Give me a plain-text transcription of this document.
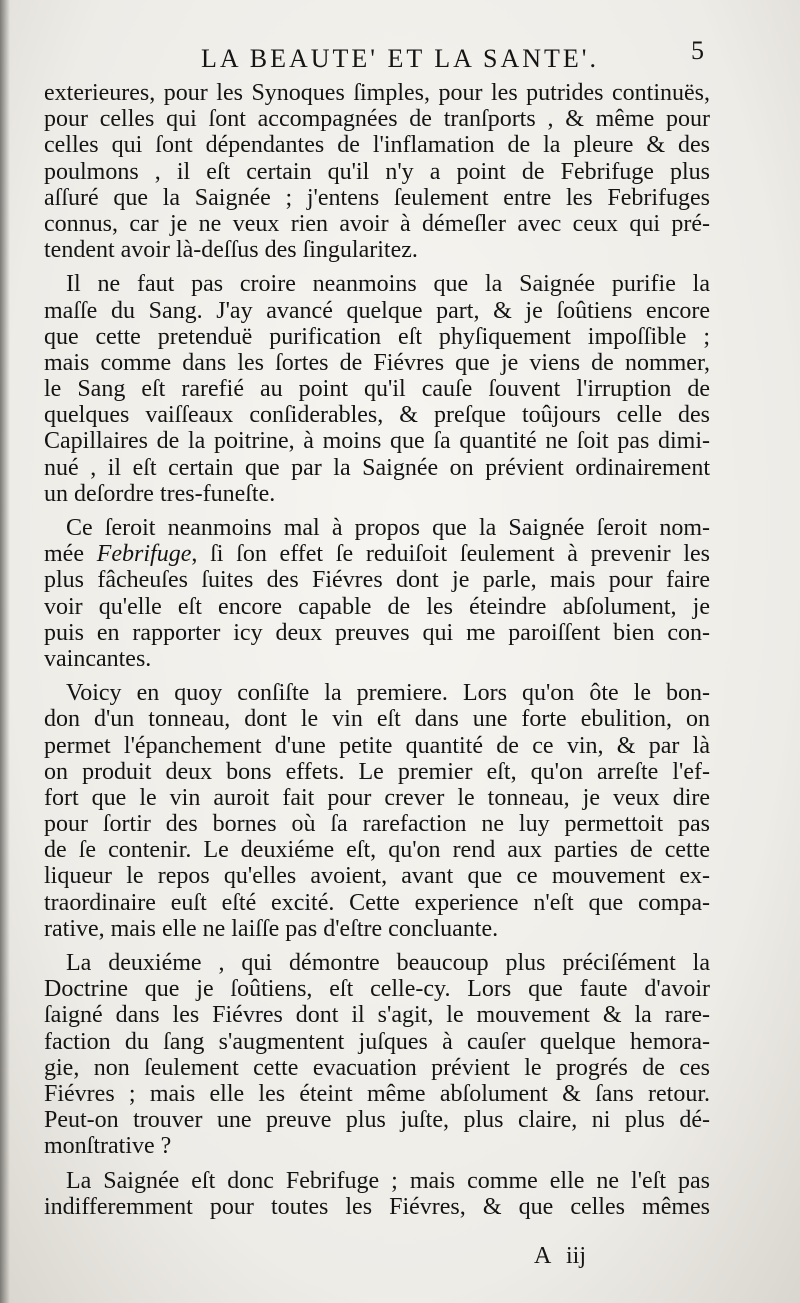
LA BEAUTE' ET LA SANTE'.	5
exterieures, pour les Synoques ſimples, pour les putrides continuës,
pour celles qui ſont accompagnées de tranſports , & même pour
celles qui ſont dépendantes de l'inflamation de la pleure & des
poulmons , il eſt certain qu'il n'y a point de Febrifuge plus
aſſuré que la Saignée ; j'entens ſeulement entre les Febrifuges
connus, car je ne veux rien avoir à démeſler avec ceux qui pré-
tendent avoir là-deſſus des ſingularitez.
Il ne faut pas croire neanmoins que la Saignée purifie la
maſſe du Sang. J'ay avancé quelque part, & je ſoûtiens encore
que cette pretenduë purification eſt phyſiquement impoſſible ;
mais comme dans les ſortes de Fiévres que je viens de nommer,
le Sang eſt rarefié au point qu'il cauſe ſouvent l'irruption de
quelques vaiſſeaux conſiderables, & preſque toûjours celle des
Capillaires de la poitrine, à moins que ſa quantité ne ſoit pas dimi-
nué , il eſt certain que par la Saignée on prévient ordinairement
un deſordre tres-funeſte.
Ce ſeroit neanmoins mal à propos que la Saignée ſeroit nom-
mée Febrifuge, ſi ſon effet ſe reduiſoit ſeulement à prevenir les
plus fâcheuſes ſuites des Fiévres dont je parle, mais pour faire
voir qu'elle eſt encore capable de les éteindre abſolument, je
puis en rapporter icy deux preuves qui me paroiſſent bien con-
vaincantes.
Voicy en quoy conſiſte la premiere. Lors qu'on ôte le bon-
don d'un tonneau, dont le vin eſt dans une forte ebulition, on
permet l'épanchement d'une petite quantité de ce vin, & par là
on produit deux bons effets. Le premier eſt, qu'on arreſte l'ef-
fort que le vin auroit fait pour crever le tonneau, je veux dire
pour ſortir des bornes où ſa rarefaction ne luy permettoit pas
de ſe contenir. Le deuxiéme eſt, qu'on rend aux parties de cette
liqueur le repos qu'elles avoient, avant que ce mouvement ex-
traordinaire euſt eſté excité. Cette experience n'eſt que compa-
rative, mais elle ne laiſſe pas d'eſtre concluante.
La deuxiéme , qui démontre beaucoup plus préciſément la
Doctrine que je ſoûtiens, eſt celle-cy. Lors que faute d'avoir
ſaigné dans les Fiévres dont il s'agit, le mouvement & la rare-
faction du ſang s'augmentent juſques à cauſer quelque hemora-
gie, non ſeulement cette evacuation prévient le progrés de ces
Fiévres ; mais elle les éteint même abſolument & ſans retour.
Peut-on trouver une preuve plus juſte, plus claire, ni plus dé-
monſtrative ?
La Saignée eſt donc Febrifuge ; mais comme elle ne l'eſt pas
indifferemment pour toutes les Fiévres, & que celles mêmes
A iij
